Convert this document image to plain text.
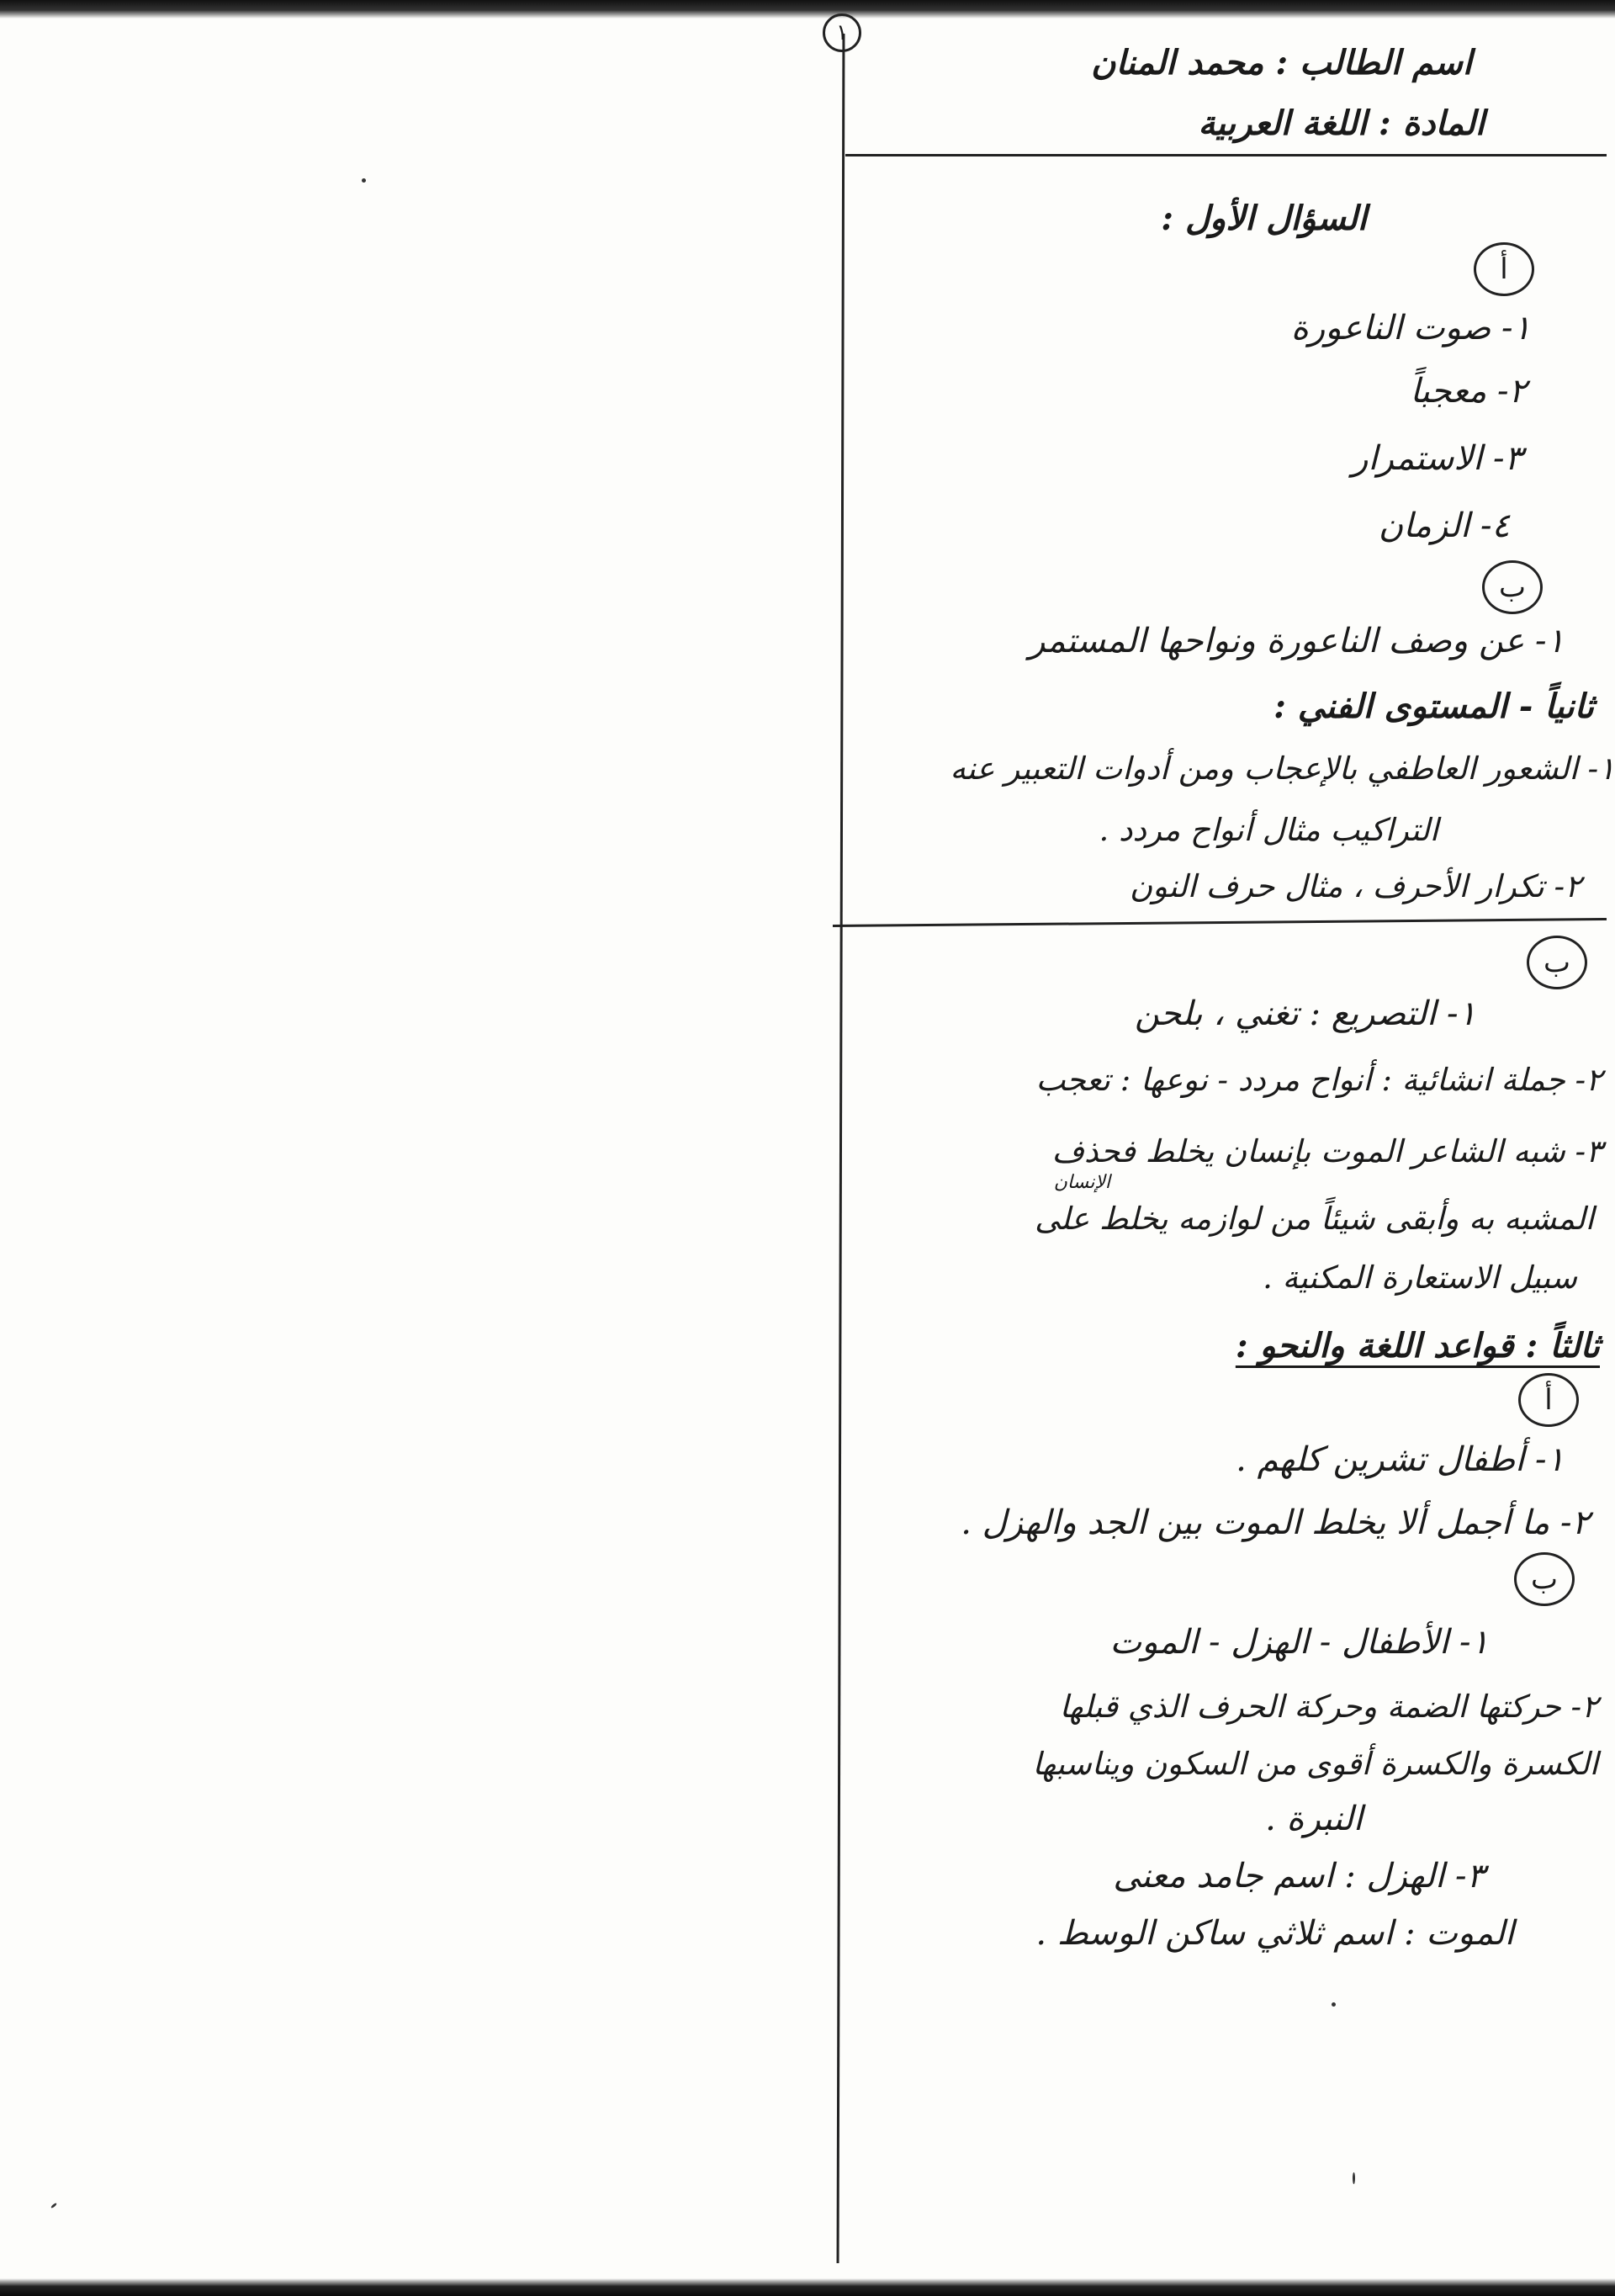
١
اسم الطالب : محمد المنان
المادة : اللغة العربية
السؤال الأول :
أ
١- صوت الناعورة
٢- معجباً
٣- الاستمرار
٤- الزمان
ب
١- عن وصف الناعورة ونواحها المستمر
ثانياً - المستوى الفني :
١- الشعور العاطفي بالإعجاب ومن أدوات التعبير عنه
التراكيب مثال أنواح مردد .
٢- تكرار الأحرف ، مثال حرف النون
ب
١- التصريع : تغني ، بلحن
٢- جملة انشائية : أنواح مردد - نوعها : تعجب
٣- شبه الشاعر الموت بإنسان يخلط فحذف
الإنسان
المشبه به وأبقى شيئاً من لوازمه يخلط على
سبيل الاستعارة المكنية .
ثالثاً : قواعد اللغة والنحو :
أ
١- أطفال تشرين كلهم .
٢- ما أجمل ألا يخلط الموت بين الجد والهزل .
ب
١- الأطفال - الهزل - الموت
٢- حركتها الضمة وحركة الحرف الذي قبلها
الكسرة والكسرة أقوى من السكون ويناسبها
النبرة .
٣- الهزل : اسم جامد معنى
الموت : اسم ثلاثي ساكن الوسط .
